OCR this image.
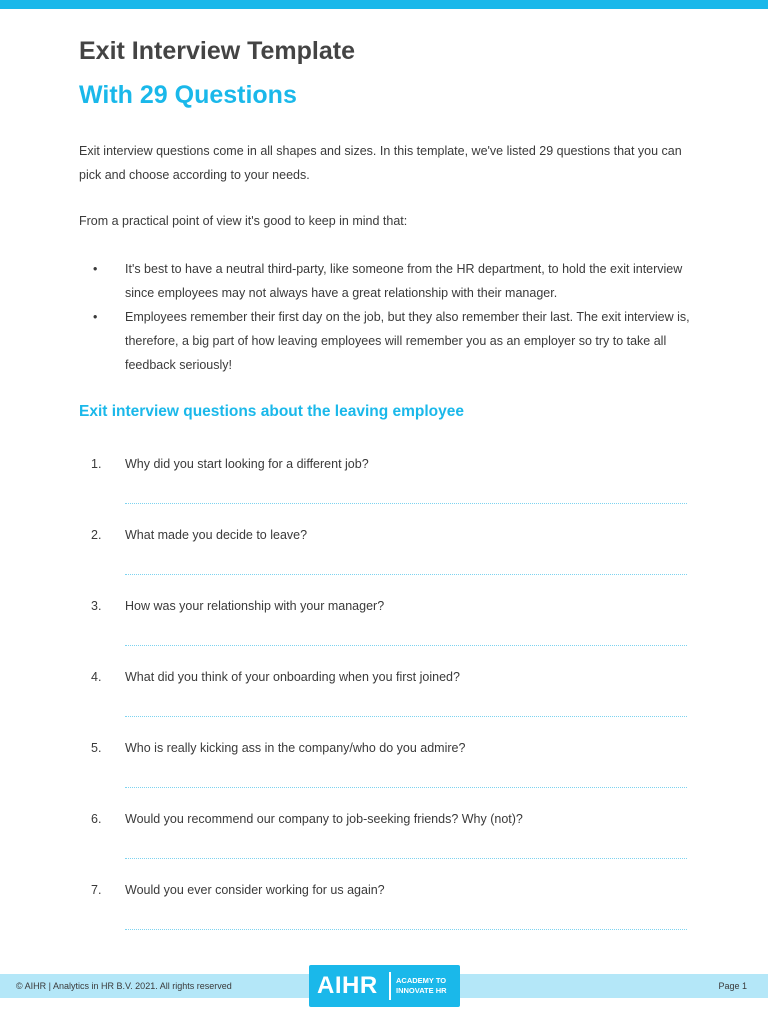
Exit Interview Template
With 29 Questions

Exit interview questions come in all shapes and sizes. In this template, we've listed 29 questions that you can pick and choose according to your needs.

From a practical point of view it's good to keep in mind that:

• It's best to have a neutral third-party, like someone from the HR department, to hold the exit interview since employees may not always have a great relationship with their manager.
• Employees remember their first day on the job, but they also remember their last. The exit interview is, therefore, a big part of how leaving employees will remember you as an employer so try to take all feedback seriously!
Exit interview questions about the leaving employee
1. Why did you start looking for a different job?
2. What made you decide to leave?
3. How was your relationship with your manager?
4. What did you think of your onboarding when you first joined?
5. Who is really kicking ass in the company/who do you admire?
6. Would you recommend our company to job-seeking friends? Why (not)?
7. Would you ever consider working for us again?
© AIHR | Analytics in HR B.V. 2021. All rights reserved	Page 1
AIHR ACADEMY TO INNOVATE HR
